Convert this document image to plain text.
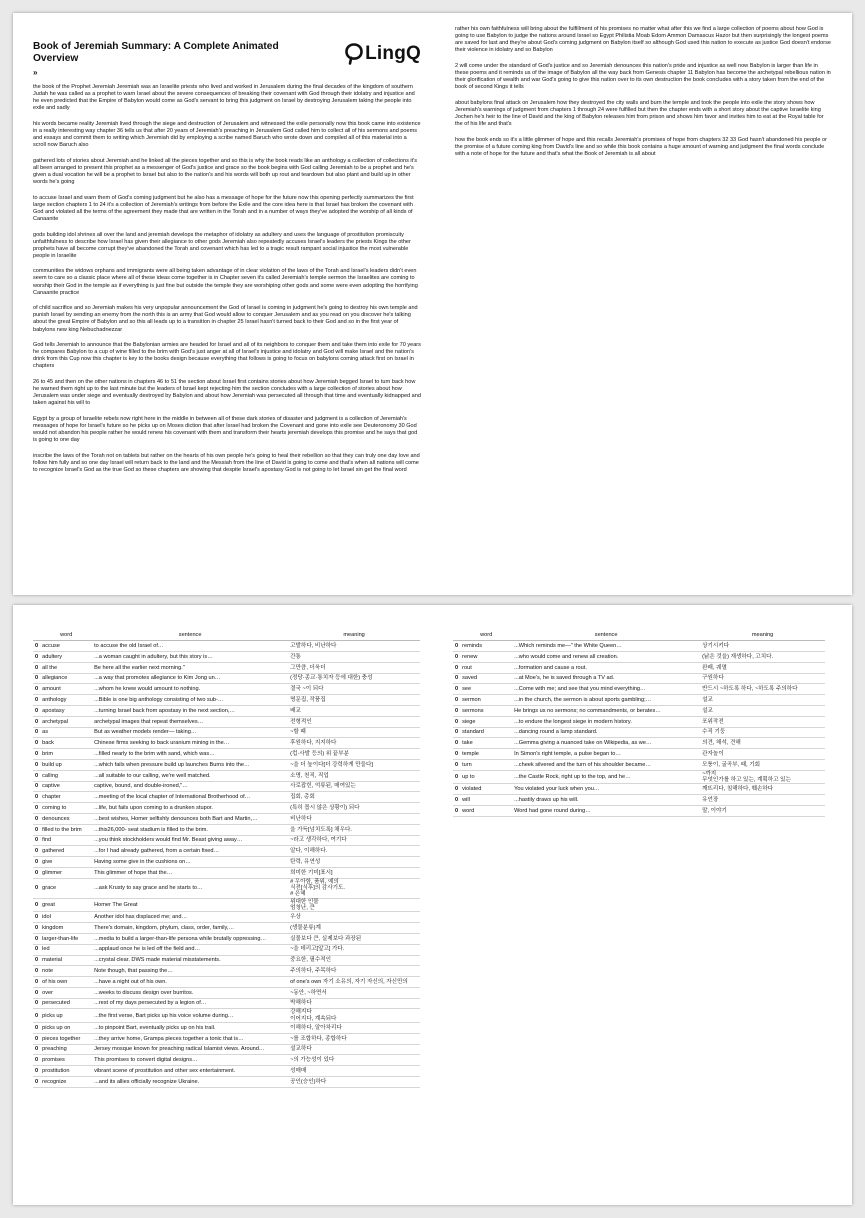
Book of Jeremiah Summary: A Complete Animated Overview	LingQ
»

the book of the Prophet Jeremiah Jeremiah was an Israelite priests who lived and worked in Jerusalem during the final decades of the kingdom of southern Judah he was called as a prophet to warn Israel about the severe consequences of breaking their covenant with God through their idolatry and injustice and he even predicted that the Empire of Babylon would come as God's servant to bring this judgment on Israel by destroying Jerusalem taking the people into exile and sadly

his words became reality Jeremiah lived through the siege and destruction of Jerusalem and witnessed the exile personally now this book came into existence in a really interesting way chapter 36 tells us that after 20 years of Jeremiah's preaching in Jerusalem God called him to collect all of his sermons and poems and essays and commit them to writing which Jeremiah did by employing a scribe named Baruch who wrote down and compiled all of this material into a scroll now Baruch also

gathered lots of stories about Jeremiah and he linked all the pieces together and so this is why the book reads like an anthology a collection of collections it's all been arranged to present this prophet as a messenger of God's justice and grace so the book begins with God calling Jeremiah to be a prophet and he's given a dual vocation he will be a prophet to Israel but also to the nation's and his words will both up rout and teardown but also plant and build up in other words he's going

to accuse Israel and warn them of God's coming judgment but he also has a message of hope for the future now this opening perfectly summarizes the first large section chapters 1 to 24 it's a collection of Jeremiah's writings from before the Exile and the core idea here is that Israel has broken the covenant with God and violated all the terms of the agreement they made that are written in the Torah and in a number of ways they've adopted the worship of all kinds of Canaanite

gods building idol shrines all over the land and jeremiah develops the metaphor of idolatry as adultery and uses the language of prostitution promiscuity unfaithfulness to describe how Israel has given their allegiance to other gods Jeremiah also repeatedly accuses Israel's leaders the priests Kings the other prophets have all become corrupt they've abandoned the Torah and covenant which has led to a tragic result rampant social injustice the most vulnerable people in Israelite

communities the widows orphans and immigrants were all being taken advantage of in clear violation of the laws of the Torah and Israel's leaders didn't even seem to care so a classic place where all of these ideas come together is in Chapter seven it's called Jeremiah's temple sermon the Israelites are coming to worship their God in the temple as if everything is just fine but outside the temple they are worshiping other gods and some were even adopting the horrifying Canaanite practice

of child sacrifice and so Jeremiah makes his very unpopular announcement the God of Israel is coming in judgment he's going to destroy his own temple and punish Israel by sending an enemy from the north this is an army that God would allow to conquer Jerusalem and as you read on you discover he's talking about the great Empire of Babylon and so this all leads up to a transition in chapter 25 Israel hasn't turned back to their God and so in the first year of babylons new king Nebuchadnezzar

God tells Jeremiah to announce that the Babylonian armies are headed for Israel and all of its neighbors to conquer them and take them into exile for 70 years he compares Babylon to a cup of wine filled to the brim with God's just anger at all of Israel's injustice and idolatry and God will make Israel and the nation's drink from this Cup now this chapter is key to the books design because everything that follows is going to focus on babylons coming attack first on Israel in chapters

26 to 45 and then on the other nations in chapters 46 to 51 the section about Israel first contains stories about how Jeremiah begged Israel to turn back how he warned them right up to the last minute but the leaders of Israel kept rejecting him the section concludes with a large collection of stories about how Jerusalem was under siege and eventually destroyed by Babylon and about how Jeremiah was persecuted all through that time and eventually kidnapped and taken against his will to

Egypt by a group of Israelite rebels now right here in the middle in between all of these dark stories of disaster and judgment is a collection of Jeremiah's messages of hope for Israel's future so he picks up on Moses diction that after Israel had broken the Covenant and gone into exile see Deuteronomy 30 God would not abandon his people rather he would renew his covenant with them and transform their hearts jeremiah develops this promise and he says that god is going to one day

inscribe the laws of the Torah not on tablets but rather on the hearts of his own people he's going to heal their rebellion so that they can truly one day love and follow him fully and so one day Israel will return back to the land and the Messiah from the line of David is going to come and that's when all nations will come to recognize Israel's God as the true God so these chapters are showing that despite Israel's apostasy God is not going to let Israel sin get the final word

rather his own faithfulness will bring about the fulfillment of his promises no matter what after this we find a large collection of poems about how God is going to use Babylon to judge the nations around Israel so Egypt Philistia Moab Edom Ammon Damascus Hazor but then surprisingly the longest poems are saved for last and they're about God's coming judgment on Babylon itself so although God used this nation to execute as justice God doesn't endorse their violence in idolatry and so Babylon

2 will come under the standard of God's justice and so Jeremiah denounces this nation's pride and injustice as well now Babylon is larger than life in these poems and it reminds us of the image of Babylon all the way back from Genesis chapter 11 Babylon has become the archetypal rebellious nation in their glorification of wealth and war God's going to give this nation over to its own destruction the book concludes with a story taken from the end of the book of second Kings it tells

about babylons final attack on Jerusalem how they destroyed the city walls and burn the temple and took the people into exile the story shows how Jeremiah's warnings of judgment from chapters 1 through 24 were fulfilled but then the chapter ends with a short story about the captive Israelite king Jochen he's heir to the line of David and the king of Babylon releases him from prison and shows him favor and invites him to eat at the Royal table for the of his life and that's

how the book ends so it's a little glimmer of hope and this recalls Jeremiah's promises of hope from chapters 32 33 God hasn't abandoned his people or the promise of a future coming king from David's line and so while this book contains a huge amount of warning and judgment the final words conclude with a note of hope for the future and that's what the Book of Jeremiah is all about

	word	sentence	meaning
0	accuse	to accuse the old Israel of…	고발하다, 비난하다
0	adultery	...a woman caught in adultery, but this story is…	간통
0	all the	Be here all the earlier next morning."	그만큼, 더욱더
0	allegiance	...a way that promotes allegiance to Kim Jong un…	(정당·종교·통치자 등에 대한) 충성
0	amount	...whom he knew would amount to nothing.	결국 ~이 되다
0	anthology	...Bible is one big anthology consisting of two sub-…	명문집, 작품집
0	apostasy	...turning Israel back from apostasy in the next section,…	배교
0	archetypal	archetypal images that repeat themselves…	전형적인
0	as	But as weather models render— taking…	~할 때
0	back	Chinese firms seeking to back uranium mining in the…	후원하다, 지지하다
0	brim	...filled nearly to the brim with sand, which was…	(컵·사발 등의) 위 끝부분
0	build up	...which fails when pressure build up launches Burns into the…	~을 더 높이다[더 강력하게 만들다]
0	calling	...all suitable to our calling, we're well matched.	소명, 천직, 직업
0	captive	captive, bound, and double-ironed,"…	사로잡힌, 억류된, 매여있는
0	chapter	...meeting of the local chapter of International Brotherhood of…	집회, 총회
0	coming to	...life, but fails upon coming to a drunken stupor.	(특히 몹시 않은 상황이) 되다
0	denounces	...best wishes, Homer selfishly denounces both Bart and Martin,…	비난하다
0	filled to the brim	...this26,000- seat stadium is filled to the brim.	을 가득[넘치도록] 채우다.
0	find	...you think stockholders would find Mr. Beast giving away…	~라고 생각하다, 여기다
0	gathered	...for I had already gathered, from a certain fixed…	알다, 이해하다.
0	give	Having some give in the cushions on…	탄력, 유연성
0	glimmer	This glimmer of hope that the…	희미한 기미[표시]
0	grace	...ask Krusty to say grace and he starts to…	# 우아함, 품위, 예의
식전[식후]의 감사기도.
# 은혜
0	great	Homer The Great	위대한 인물
엄청난, 큰
0	idol	Another idol has displaced me; and…	우상
0	kingdom	There's domain, kingdom, phylum, class, order, family,…	(생물분류)계
0	larger-than-life	...media to build a larger-than-life persona while brutally oppressing…	실물보다 큰, 실제보다 과장된
0	led	...applaud once he is led off the field and…	~을 데리고[앞고] 가다.
0	material	...crystal clear. DWS made material misstatements.	중요한, 필수적인
0	note	Note though, that passing the…	주의하다, 주목하다
0	of his own	...have a night out of his own.	of one's own 자기 소유의, 자기 자신의, 자신만의
0	over	...weeks to discuss design over burritos.	~동안, ~하면서
0	persecuted	...rest of my days persecuted by a legion of…	박해하다
0	picks up	...the first verse, Bart picks up his voice volume during…	강해지다
이어지다, 계속되다
0	picks up on	...to pinpoint Bart, eventually picks up on his trail.	이해하다, 알아차리다
0	pieces together	...they arrive home, Grampa pieces together a tonic that is…	~를 조합하다, 종합하다
0	preaching	Jersey mosque known for preaching radical Islamist views. Around…	설교하다
0	promises	This promises to convert digital designs…	~의 가능성이 있다
0	prostitution	vibrant scene of prostitution and other sex entertainment.	성매매
0	recognize	...and its allies officially recognize Ukraine.	공인(승인)하다
	word	sentence	meaning
0	reminds	...Which reminds me—" the White Queen…	상기시키다
0	renew	...who would come and renew all creation.	(낡은 것을) 재생하다, 고치다.
0	rout	...formation and cause a rout.	완패, 궤멸
0	saved	...at Moe's, he is saved through a TV ad.	구원하다
0	see	...Come with me; and see that you mind everything…	반드시 ~하도록 하다, ~하도록 주의하다
0	sermon	...in the church, the sermon is about sports gambling;…	설교
0	sermons	He brings us no sermons; no commandments, or berates…	설교
0	siege	...to endure the longest siege in modern history.	포위작전
0	standard	...dancing round a lamp standard.	수직 기둥
0	take	...Gemma giving a nuanced take on Wikipedia, as we…	의견, 해석, 견해
0	temple	In Simon's right temple, a pulse began to…	관자놀이
0	turn	...cheek silvered and the turn of his shoulder became…	모퉁이, 굴곡부, 때, 기회
0	up to	...the Castle Rock, right up to the top, and he…	~까지
무엇인가를 하고 있는, 계획하고 있는
0	violated	You violated your luck when you…	깨뜨리다, 침해하다, 훼손하다
0	will	...hastily draws up his will.	유언장
0	word	Word had gone round during…	말, 이야기
